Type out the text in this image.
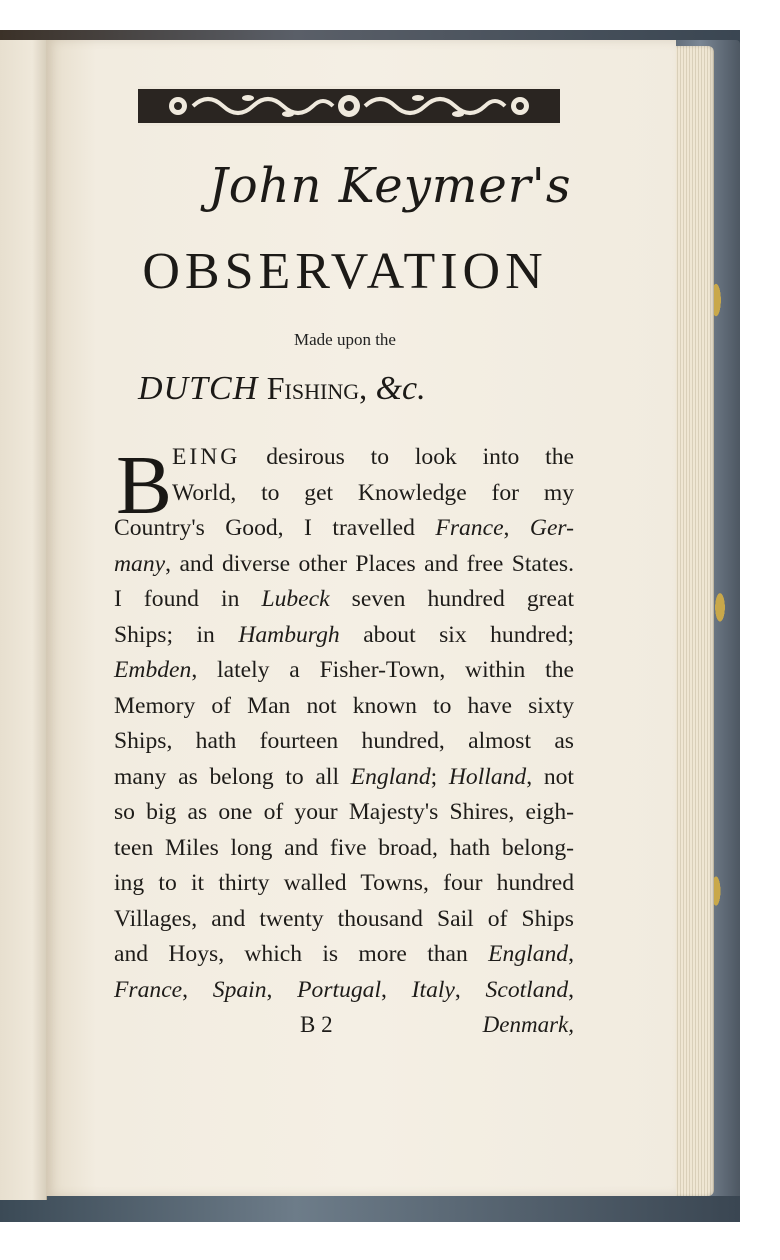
John Keymer's
OBSERVATION
Made upon the
DUTCH Fishing, &c.
B EING desirous to look into the
World, to get Knowledge for my
Country's Good, I travelled France, Ger-
many, and diverse other Places and free States.
I found in Lubeck seven hundred great
Ships; in Hamburgh about six hundred;
Embden, lately a Fisher-Town, within the
Memory of Man not known to have sixty
Ships, hath fourteen hundred, almost as
many as belong to all England; Holland, not
so big as one of your Majesty's Shires, eigh-
teen Miles long and five broad, hath belong-
ing to it thirty walled Towns, four hundred
Villages, and twenty thousand Sail of Ships
and Hoys, which is more than England,
France, Spain, Portugal, Italy, Scotland,
B 2	Denmark,
